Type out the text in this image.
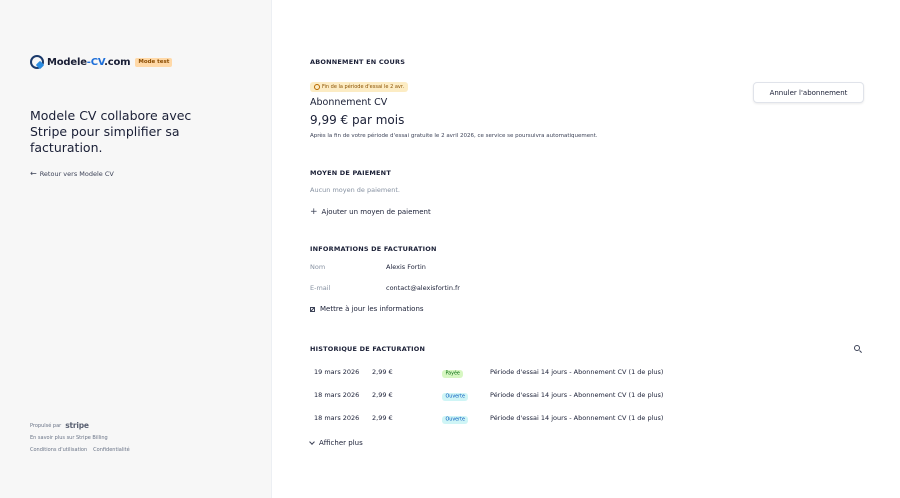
Modele-CV.com	Mode test
Modele CV collabore avec Stripe pour simplifier sa facturation.
← Retour vers Modele CV
Propulsé par stripe
En savoir plus sur Stripe Billing
Conditions d'utilisation Confidentialité
ABONNEMENT EN COURS
Fin de la période d'essai le 2 avr.
Abonnement CV
9,99 € par mois
Après la fin de votre période d'essai gratuite le 2 avril 2026, ce service se poursuivra automatiquement.
Annuler l'abonnement
MOYEN DE PAIEMENT
Aucun moyen de paiement.
+ Ajouter un moyen de paiement
INFORMATIONS DE FACTURATION
Nom	Alexis Fortin
E-mail	contact@alexisfortin.fr
Mettre à jour les informations
HISTORIQUE DE FACTURATION
19 mars 2026	2,99 €	Payée	Période d'essai 14 jours - Abonnement CV (1 de plus)
18 mars 2026	2,99 €	Ouverte	Période d'essai 14 jours - Abonnement CV (1 de plus)
18 mars 2026	2,99 €	Ouverte	Période d'essai 14 jours - Abonnement CV (1 de plus)
Afficher plus
